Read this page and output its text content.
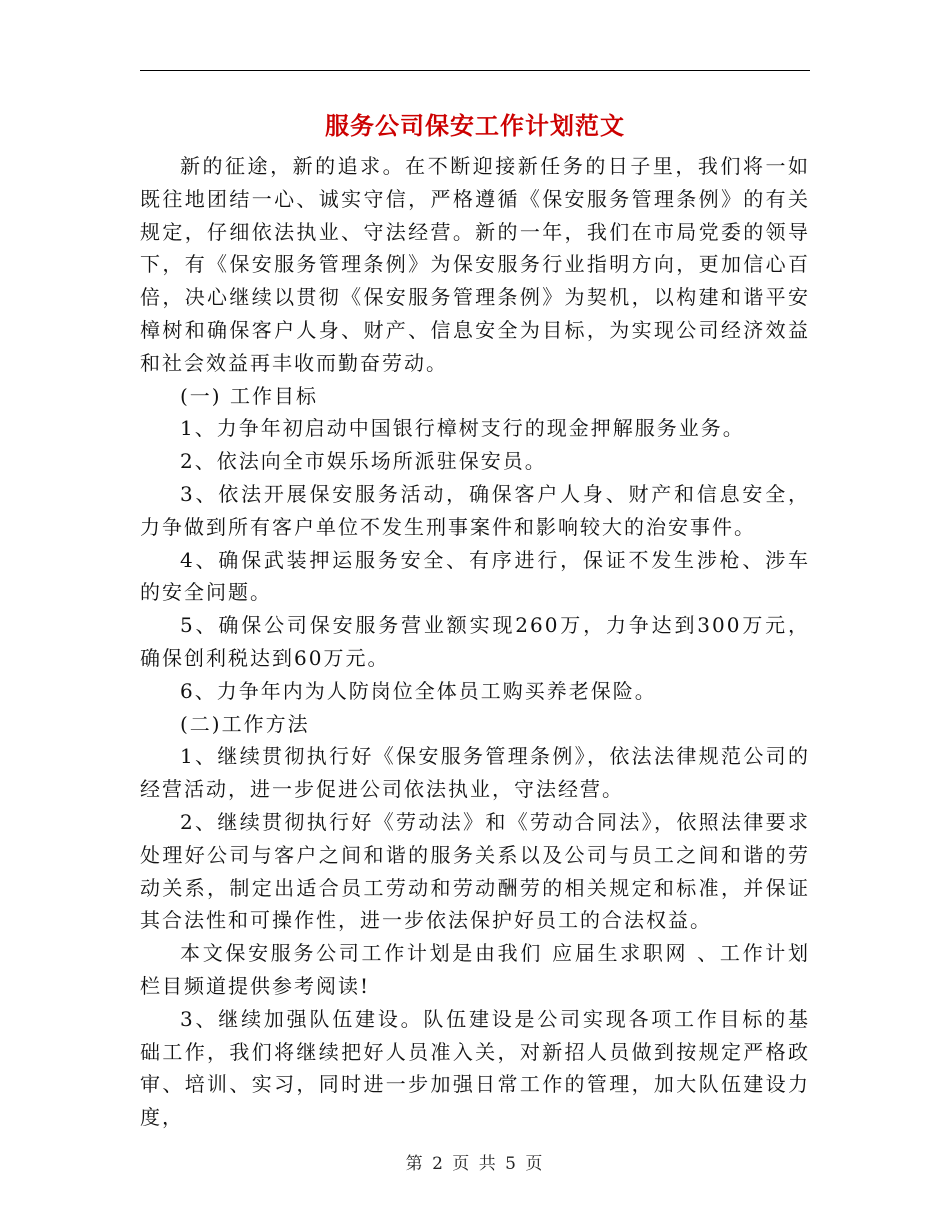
服务公司保安工作计划范文

新的征途，新的追求。在不断迎接新任务的日子里，我们将一如既往地团结一心、诚实守信，严格遵循《保安服务管理条例》的有关规定，仔细依法执业、守法经营。新的一年，我们在市局党委的领导下，有《保安服务管理条例》为保安服务行业指明方向，更加信心百倍，决心继续以贯彻《保安服务管理条例》为契机，以构建和谐平安樟树和确保客户人身、财产、信息安全为目标，为实现公司经济效益和社会效益再丰收而勤奋劳动。

(一) 工作目标

1、力争年初启动中国银行樟树支行的现金押解服务业务。

2、依法向全市娱乐场所派驻保安员。

3、依法开展保安服务活动，确保客户人身、财产和信息安全，力争做到所有客户单位不发生刑事案件和影响较大的治安事件。

4、确保武装押运服务安全、有序进行，保证不发生涉枪、涉车的安全问题。

5、确保公司保安服务营业额实现260万，力争达到300万元，确保创利税达到60万元。

6、力争年内为人防岗位全体员工购买养老保险。

(二)工作方法

1、继续贯彻执行好《保安服务管理条例》，依法法律规范公司的经营活动，进一步促进公司依法执业，守法经营。

2、继续贯彻执行好《劳动法》和《劳动合同法》，依照法律要求处理好公司与客户之间和谐的服务关系以及公司与员工之间和谐的劳动关系，制定出适合员工劳动和劳动酬劳的相关规定和标准，并保证其合法性和可操作性，进一步依法保护好员工的合法权益。

本文保安服务公司工作计划是由我们 应届生求职网 、工作计划栏目频道提供参考阅读!

3、继续加强队伍建设。队伍建设是公司实现各项工作目标的基础工作，我们将继续把好人员准入关，对新招人员做到按规定严格政审、培训、实习，同时进一步加强日常工作的管理，加大队伍建设力度，

第 2 页 共 5 页
